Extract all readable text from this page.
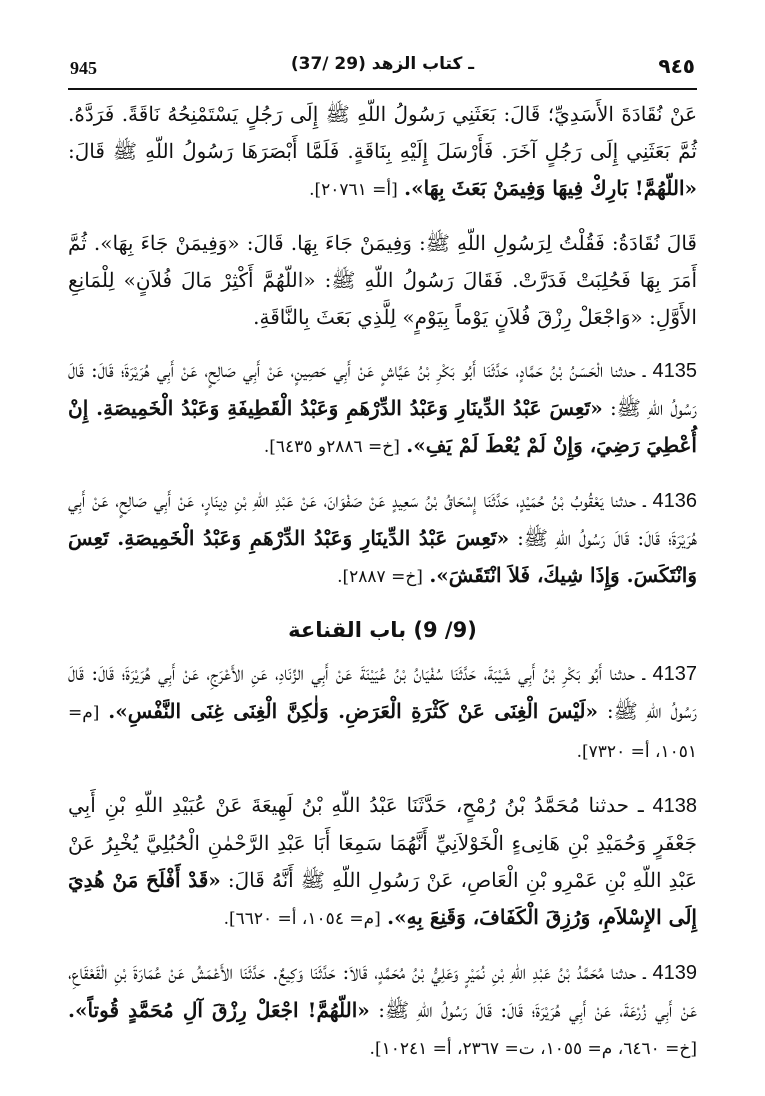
945	(37/ 29) ـ كتاب الزهد	٩٤٥

عَنْ نُقَادَةَ الأَسَدِيِّ؛ قَالَ: بَعَثَنِي رَسُولُ اللّهِ ﷺ إِلَى رَجُلٍ يَسْتَمْنِحُهُ نَاقَةً. فَرَدَّهُ. ثُمَّ بَعَثَنِي إِلَى رَجُلٍ آخَرَ. فَأَرْسَلَ إِلَيْهِ بِنَاقَةٍ. فَلَمَّا أَبْصَرَهَا رَسُولُ اللّهِ ﷺ قَالَ: «اللّهُمَّ! بَارِكْ فِيهَا وَفِيمَنْ بَعَثَ بِهَا». [أ= ٢٠٧٦١].

قَالَ نُقَادَةُ: فَقُلْتُ لِرَسُولِ اللّهِ ﷺ: وَفِيمَنْ جَاءَ بِهَا. قَالَ: «وَفِيمَنْ جَاءَ بِهَا». ثُمَّ أَمَرَ بِهَا فَحُلِبَتْ فَدَرَّتْ. فَقَالَ رَسُولُ اللّهِ ﷺ: «اللّهُمَّ أَكْثِرْ مَالَ فُلاَنٍ» لِلْمَانِعِ الأَوَّلِ: «وَاجْعَلْ رِزْقَ فُلاَنٍ يَوْماً بِيَوْمٍ» لِلَّذِي بَعَثَ بِالنَّاقَةِ.

4135 ـ حدثنا الْحَسَنُ بْنُ حَمَّادٍ، حَدَّثَنَا أَبُو بَكْرِ بْنُ عَيَّاشٍ عَنْ أَبِي حَصِينٍ، عَنْ أَبِي صَالِحٍ، عَنْ أَبِي هُرَيْرَةَ؛ قَالَ: قَالَ رَسُولُ اللّهِ ﷺ: «تَعِسَ عَبْدُ الدِّينَارِ وَعَبْدُ الدِّرْهَمِ وَعَبْدُ الْقَطِيفَةِ وَعَبْدُ الْخَمِيصَةِ. إِنْ أُعْطِيَ رَضِيَ، وَإِنْ لَمْ يُعْطَ لَمْ يَفِ». [خ= ٢٨٨٦و ٦٤٣٥].

4136 ـ حدثنا يَعْقُوبُ بْنُ حُمَيْدٍ، حَدَّثَنَا إِسْحَاقُ بْنُ سَعِيدٍ عَنْ صَفْوَانَ، عَنْ عَبْدِ اللّهِ بْنِ دِينَارٍ، عَنْ أَبِي صَالِحٍ، عَنْ أَبِي هُرَيْرَةَ؛ قَالَ: قَالَ رَسُولُ اللّهِ ﷺ: «تَعِسَ عَبْدُ الدِّينَارِ وَعَبْدُ الدِّرْهَمِ وَعَبْدُ الْخَمِيصَةِ. تَعِسَ وَانْتَكَسَ. وَإِذَا شِيكَ، فَلاَ انْتَقَشَ». [خ= ٢٨٨٧].

(9/ 9) باب القناعة

4137 ـ حدثنا أَبُو بَكْرِ بْنُ أَبِي شَيْبَةَ، حَدَّثَنَا سُفْيَانُ بْنُ عُيَيْنَةَ عَنْ أَبِي الزِّنَادِ، عَنِ الأَعْرَجِ، عَنْ أَبِي هُرَيْرَةَ؛ قَالَ: قَالَ رَسُولُ اللّهِ ﷺ: «لَيْسَ الْغِنَى عَنْ كَثْرَةِ الْعَرَضِ. وَلٰكِنَّ الْغِنَى غِنَى النَّفْسِ». [م= ١٠٥١، أ= ٧٣٢٠].

4138 ـ حدثنا مُحَمَّدُ بْنُ رُمْحٍ، حَدَّثَنَا عَبْدُ اللّهِ بْنُ لَهِيعَةَ عَنْ عُبَيْدِ اللّهِ بْنِ أَبِي جَعْفَرٍ وَحُمَيْدِ بْنِ هَانِىءٍ الْخَوْلاَنِيِّ أَنَّهُمَا سَمِعَا أَبَا عَبْدِ الرَّحْمٰنِ الْحُبُلِيَّ يُخْبِرُ عَنْ عَبْدِ اللّهِ بْنِ عَمْرِو بْنِ الْعَاصِ، عَنْ رَسُولِ اللّهِ ﷺ أَنَّهُ قَالَ: «قَدْ أَفْلَحَ مَنْ هُدِيَ إِلَى الإِسْلاَمِ، وَرُزِقَ الْكَفَافَ، وَقَنِعَ بِهِ». [م= ١٠٥٤، أ= ٦٦٢٠].

4139 ـ حدثنا مُحَمَّدُ بْنُ عَبْدِ اللّهِ بْنِ نُمَيْرٍ وَعَلِيُّ بْنُ مُحَمَّدٍ، قَالاَ: حَدَّثَنَا وَكِيعٌ. حَدَّثَنَا الأَعْمَشُ عَنْ عُمَارَةَ بْنِ الْقَعْقَاعِ، عَنْ أَبِي زُرْعَةَ، عَنْ أَبِي هُرَيْرَةَ؛ قَالَ: قَالَ رَسُولُ اللّهِ ﷺ: «اللّهُمَّ! اجْعَلْ رِزْقَ آلِ مُحَمَّدٍ قُوتاً». [خ= ٦٤٦٠، م= ١٠٥٥، ت= ٢٣٦٧، أ= ١٠٢٤١].
